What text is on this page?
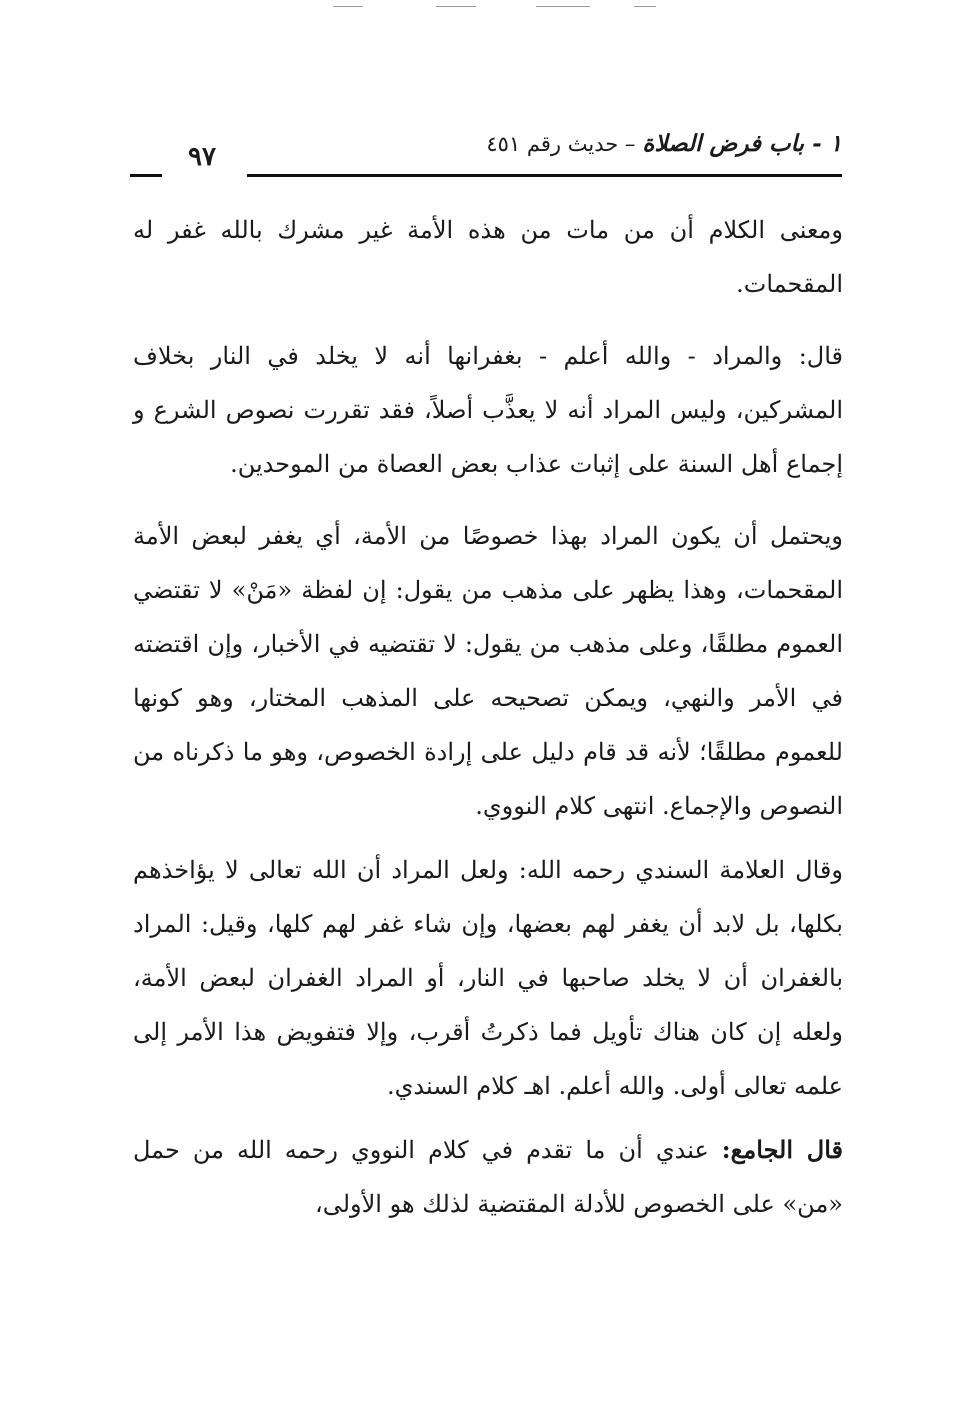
١ - باب فرض الصلاة – حديث رقم ٤٥١
٩٧

ومعنى الكلام أن من مات من هذه الأمة غير مشرك بالله غفر له المقحمات.

قال: والمراد - والله أعلم - بغفرانها أنه لا يخلد في النار بخلاف المشركين، وليس المراد أنه لا يعذَّب أصلاً، فقد تقررت نصوص الشرع و إجماع أهل السنة على إثبات عذاب بعض العصاة من الموحدين.

ويحتمل أن يكون المراد بهذا خصوصًا من الأمة، أي يغفر لبعض الأمة المقحمات، وهذا يظهر على مذهب من يقول: إن لفظة «مَنْ» لا تقتضي العموم مطلقًا، وعلى مذهب من يقول: لا تقتضيه في الأخبار، وإن اقتضته في الأمر والنهي، ويمكن تصحيحه على المذهب المختار، وهو كونها للعموم مطلقًا؛ لأنه قد قام دليل على إرادة الخصوص، وهو ما ذكرناه من النصوص والإجماع. انتهى كلام النووي.

وقال العلامة السندي رحمه الله: ولعل المراد أن الله تعالى لا يؤاخذهم بكلها، بل لابد أن يغفر لهم بعضها، وإن شاء غفر لهم كلها، وقيل: المراد بالغفران أن لا يخلد صاحبها في النار، أو المراد الغفران لبعض الأمة، ولعله إن كان هناك تأويل فما ذكرتُ أقرب، وإلا فتفويض هذا الأمر إلى علمه تعالى أولى. والله أعلم. اهـ كلام السندي.

قال الجامع: عندي أن ما تقدم في كلام النووي رحمه الله من حمل «من» على الخصوص للأدلة المقتضية لذلك هو الأولى،
